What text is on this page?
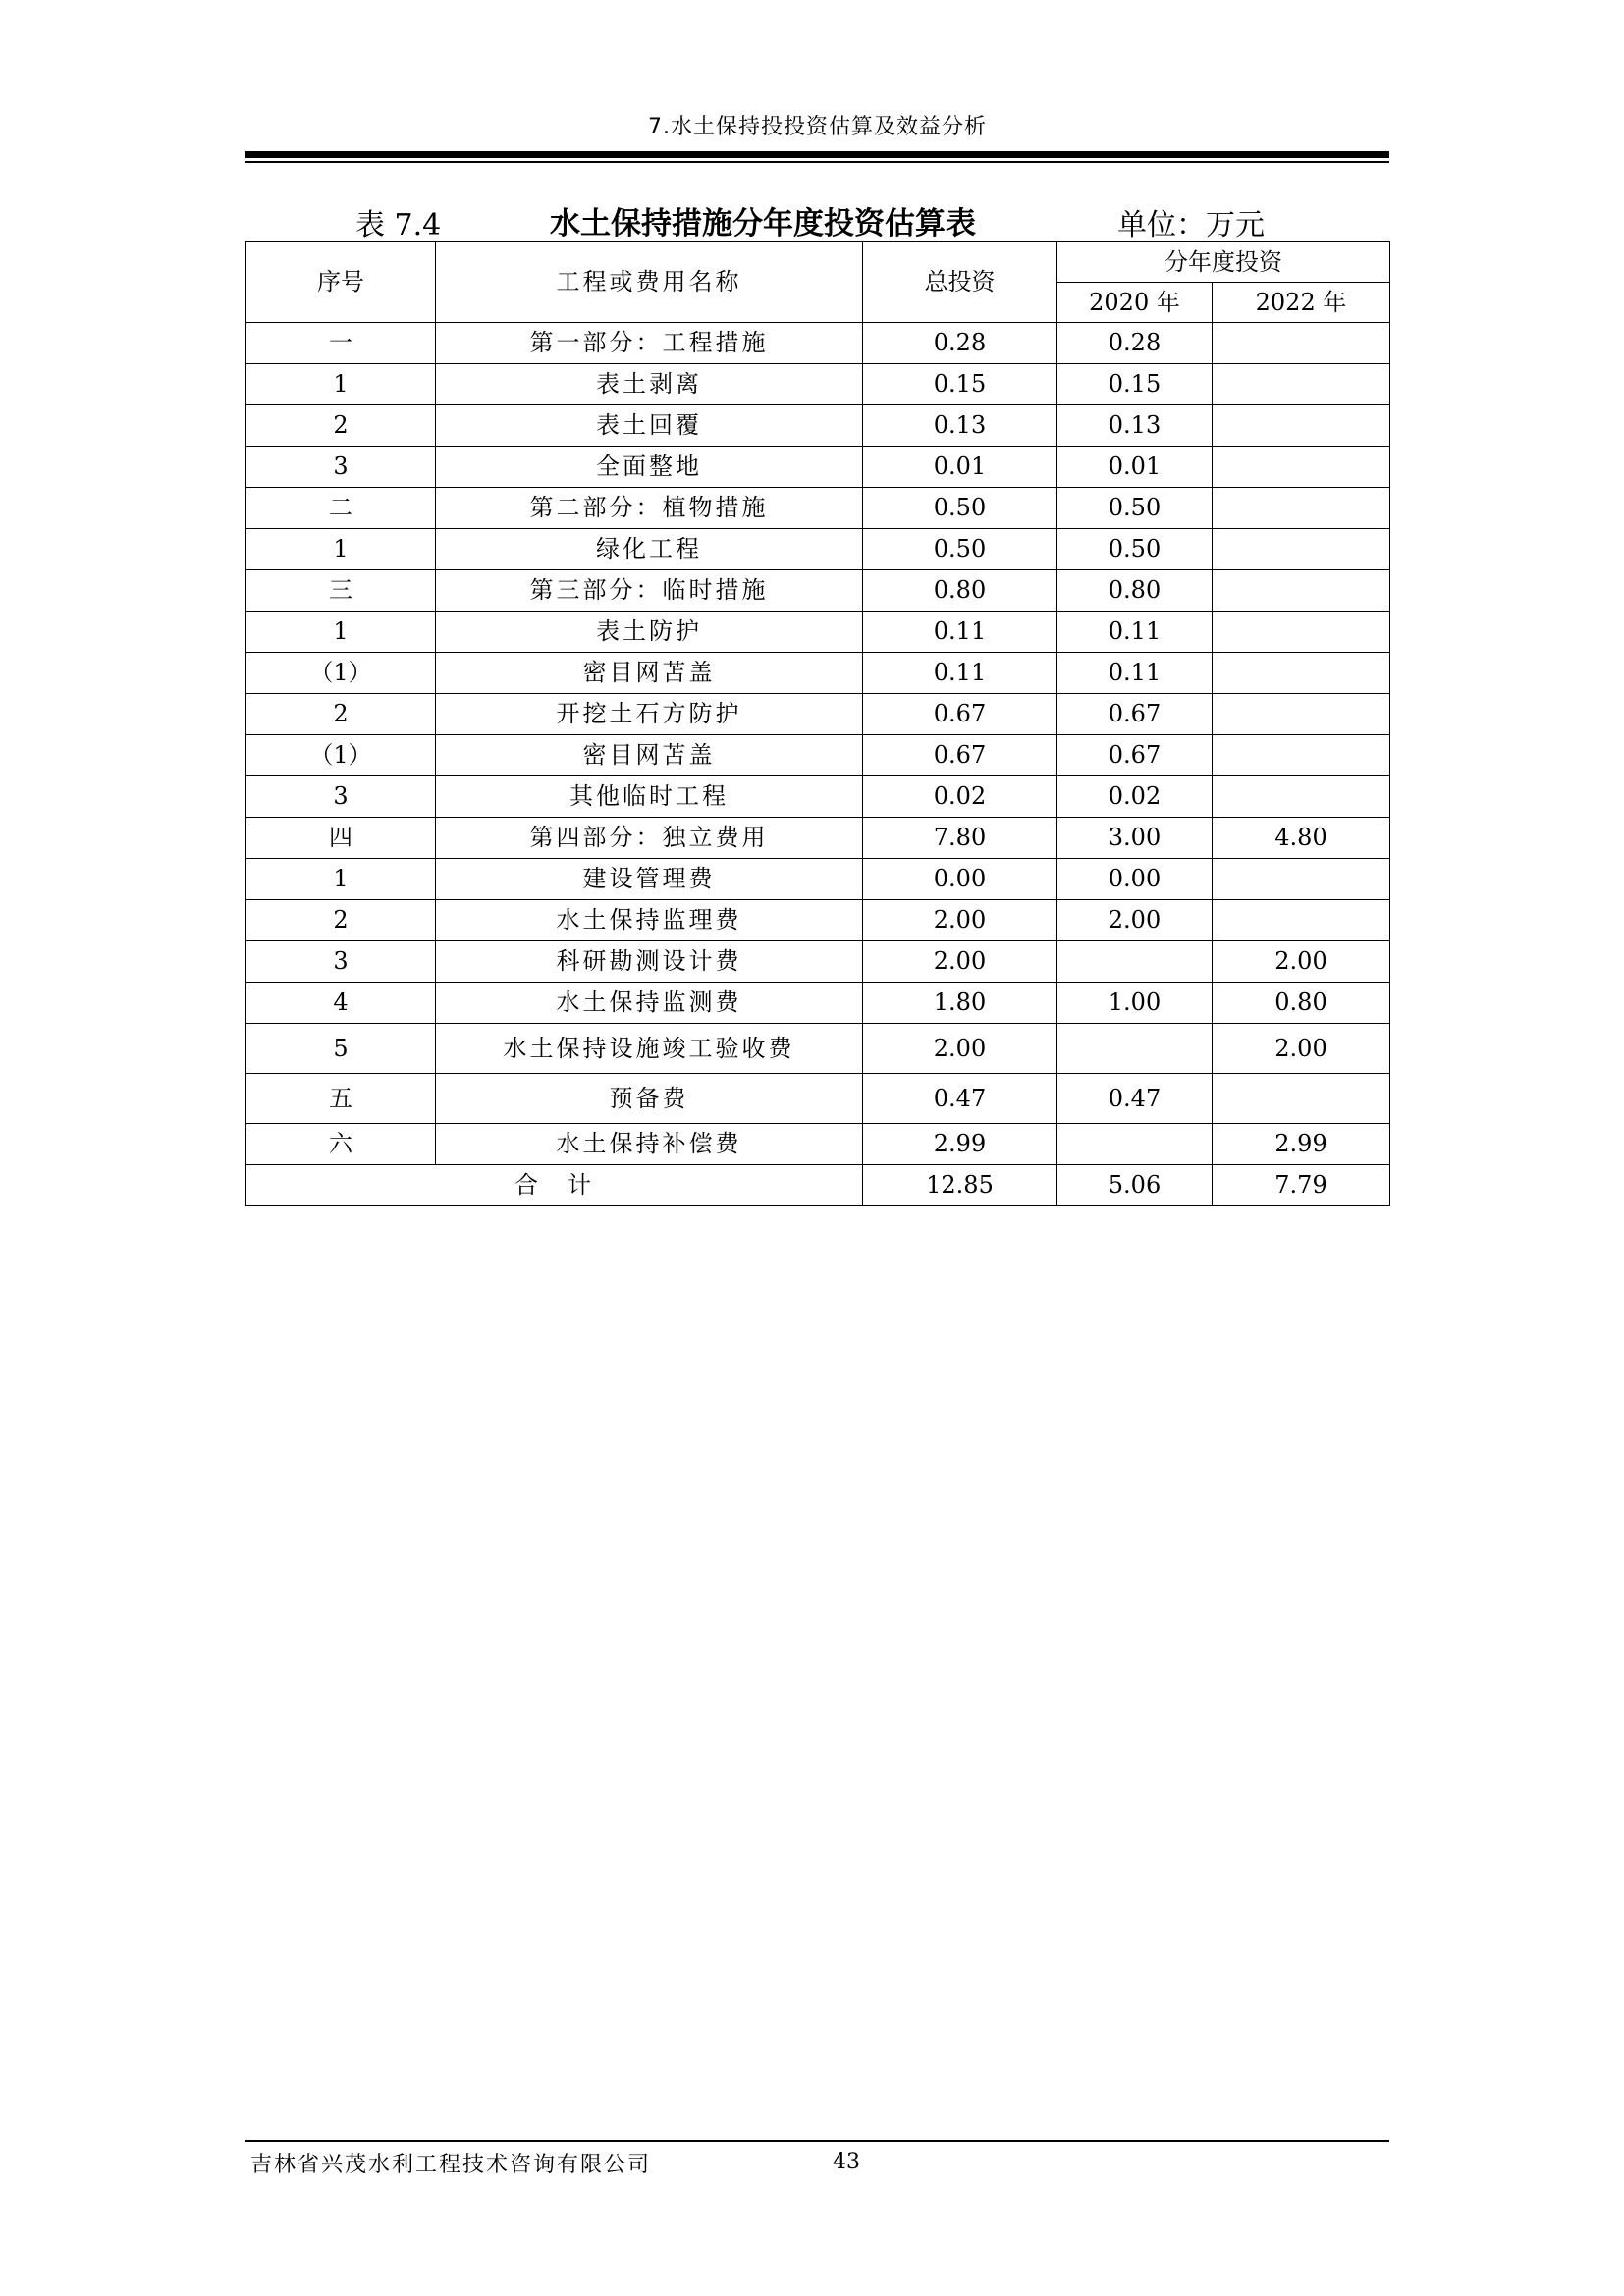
7.水土保持投投资估算及效益分析
表 7.4	水土保持措施分年度投资估算表	单位：万元
序号	工程或费用名称	总投资	分年度投资	
			2020 年	2022 年
一	第一部分：工程措施	0.28	0.28	
1	表土剥离	0.15	0.15	
2	表土回覆	0.13	0.13	
3	全面整地	0.01	0.01	
二	第二部分：植物措施	0.50	0.50	
1	绿化工程	0.50	0.50	
三	第三部分：临时措施	0.80	0.80	
1	表土防护	0.11	0.11	
（1）	密目网苫盖	0.11	0.11	
2	开挖土石方防护	0.67	0.67	
（1）	密目网苫盖	0.67	0.67	
3	其他临时工程	0.02	0.02	
四	第四部分：独立费用	7.80	3.00	4.80
1	建设管理费	0.00	0.00	
2	水土保持监理费	2.00	2.00	
3	科研勘测设计费	2.00		2.00
4	水土保持监测费	1.80	1.00	0.80
5	水土保持设施竣工验收费	2.00		2.00
五	预备费	0.47	0.47	
六	水土保持补偿费	2.99		2.99
合　计		12.85	5.06	7.79
吉林省兴茂水利工程技术咨询有限公司	43
